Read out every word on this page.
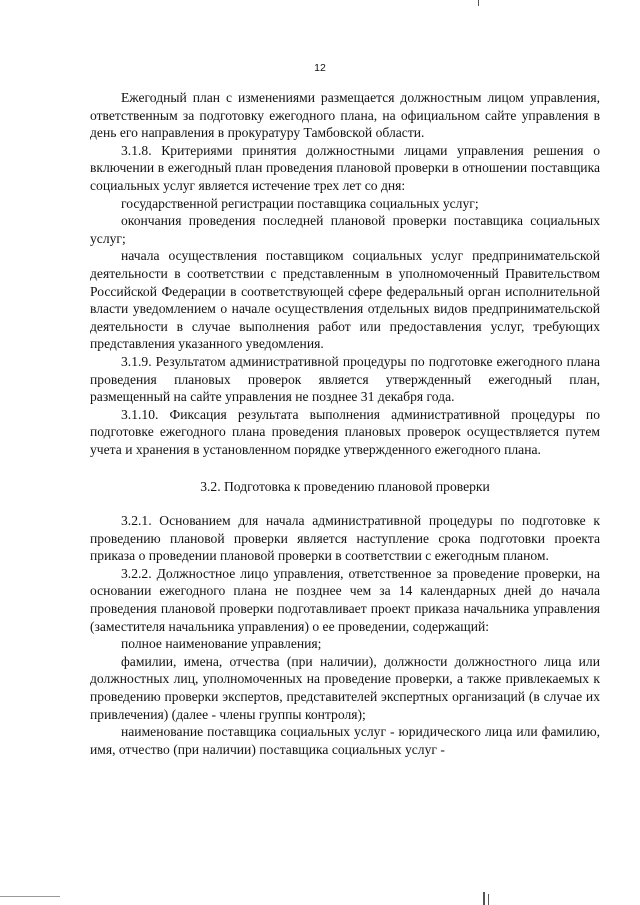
12

Ежегодный план с изменениями размещается должностным лицом управления, ответственным за подготовку ежегодного плана, на официальном сайте управления в день его направления в прокуратуру Тамбовской области.

3.1.8. Критериями принятия должностными лицами управления решения о включении в ежегодный план проведения плановой проверки в отношении поставщика социальных услуг является истечение трех лет со дня:

государственной регистрации поставщика социальных услуг;

окончания проведения последней плановой проверки поставщика социальных услуг;

начала осуществления поставщиком социальных услуг предпринимательской деятельности в соответствии с представленным в уполномоченный Правительством Российской Федерации в соответствующей сфере федеральный орган исполнительной власти уведомлением о начале осуществления отдельных видов предпринимательской деятельности в случае выполнения работ или предоставления услуг, требующих представления указанного уведомления.

3.1.9. Результатом административной процедуры по подготовке ежегодного плана проведения плановых проверок является утвержденный ежегодный план, размещенный на сайте управления не позднее 31 декабря года.

3.1.10. Фиксация результата выполнения административной процедуры по подготовке ежегодного плана проведения плановых проверок осуществляется путем учета и хранения в установленном порядке утвержденного ежегодного плана.

3.2. Подготовка к проведению плановой проверки

3.2.1. Основанием для начала административной процедуры по подготовке к проведению плановой проверки является наступление срока подготовки проекта приказа о проведении плановой проверки в соответствии с ежегодным планом.

3.2.2. Должностное лицо управления, ответственное за проведение проверки, на основании ежегодного плана не позднее чем за 14 календарных дней до начала проведения плановой проверки подготавливает проект приказа начальника управления (заместителя начальника управления) о ее проведении, содержащий:

полное наименование управления;

фамилии, имена, отчества (при наличии), должности должностного лица или должностных лиц, уполномоченных на проведение проверки, а также привлекаемых к проведению проверки экспертов, представителей экспертных организаций (в случае их привлечения) (далее - члены группы контроля);

наименование поставщика социальных услуг - юридического лица или фамилию, имя, отчество (при наличии) поставщика социальных услуг -
